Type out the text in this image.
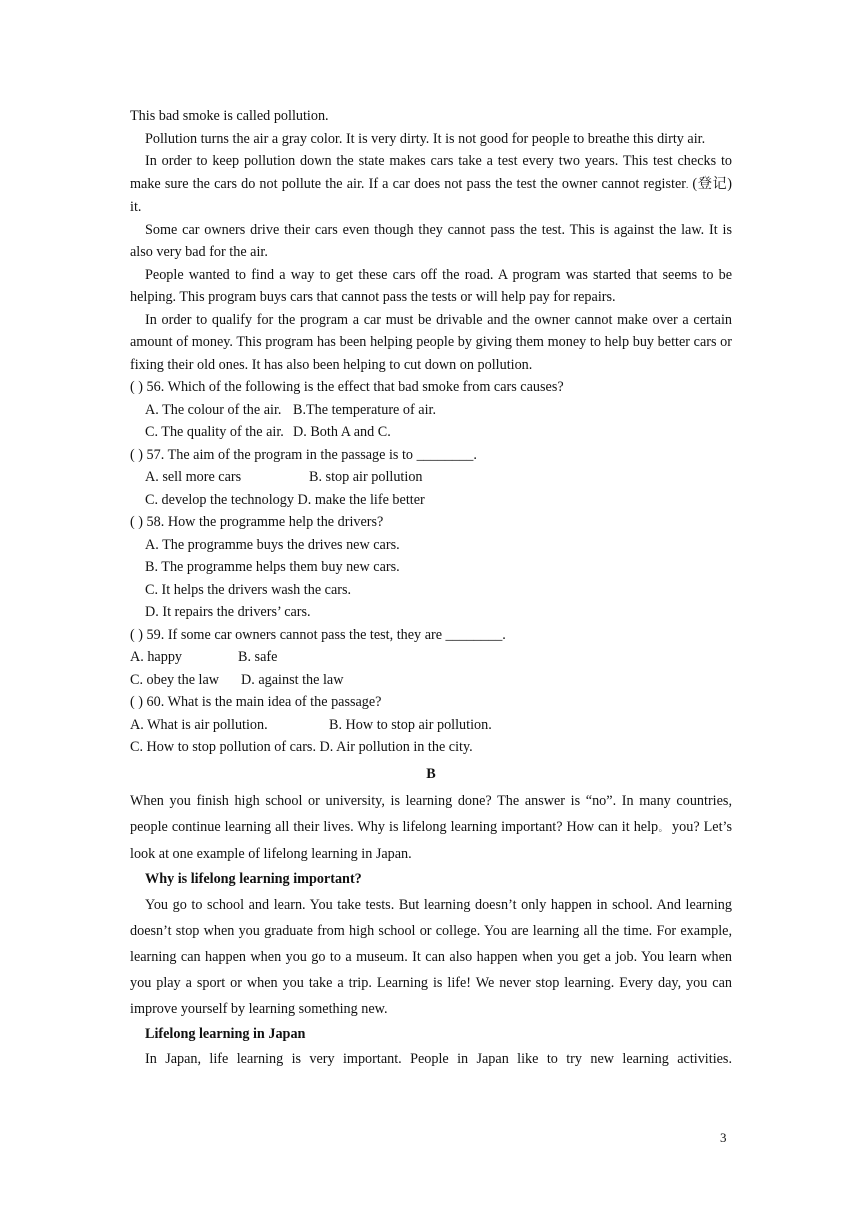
This bad smoke is called pollution.

Pollution turns the air a gray color. It is very dirty. It is not good for people to breathe this dirty air.

In order to keep pollution down the state makes cars take a test every two years. This test checks to make sure the cars do not pollute the air. If a car does not pass the test the owner cannot register. (登记) it.

Some car owners drive their cars even though they cannot pass the test. This is against the law. It is also very bad for the air.

People wanted to find a way to get these cars off the road. A program was started that seems to be helping. This program buys cars that cannot pass the tests or will help pay for repairs.

In order to qualify for the program a car must be drivable and the owner cannot make over a certain amount of money. This program has been helping people by giving them money to help buy better cars or fixing their old ones. It has also been helping to cut down on pollution.

( ) 56. Which of the following is the effect that bad smoke from cars causes?

A. The colour of the air. B.The temperature of air.

C. The quality of the air. D. Both A and C.

( ) 57. The aim of the program in the passage is to ________.

A. sell more cars	B. stop air pollution

C. develop the technology D. make the life better

( ) 58. How the programme help the drivers?

A. The programme buys the drives new cars.

B. The programme helps them buy new cars.

C. It helps the drivers wash the cars.

D. It repairs the drivers’ cars.

( ) 59. If some car owners cannot pass the test, they are ________.

A. happy	B. safe

C. obey the law D. against the law

( ) 60. What is the main idea of the passage?

A. What is air pollution.	B. How to stop air pollution.

C. How to stop pollution of cars. D. Air pollution in the city.

B

When you finish high school or university, is learning done? The answer is “no”. In many countries, people continue learning all their lives. Why is lifelong learning important? How can it help。 you? Let’s look at one example of lifelong learning in Japan.

Why is lifelong learning important?

You go to school and learn. You take tests. But learning doesn’t only happen in school. And learning doesn’t stop when you graduate from high school or college. You are learning all the time. For example, learning can happen when you go to a museum. It can also happen when you get a job. You learn when you play a sport or when you take a trip. Learning is life! We never stop learning. Every day, you can improve yourself by learning something new.

Lifelong learning in Japan

In Japan, life learning is very important. People in Japan like to try new learning activities.

3
